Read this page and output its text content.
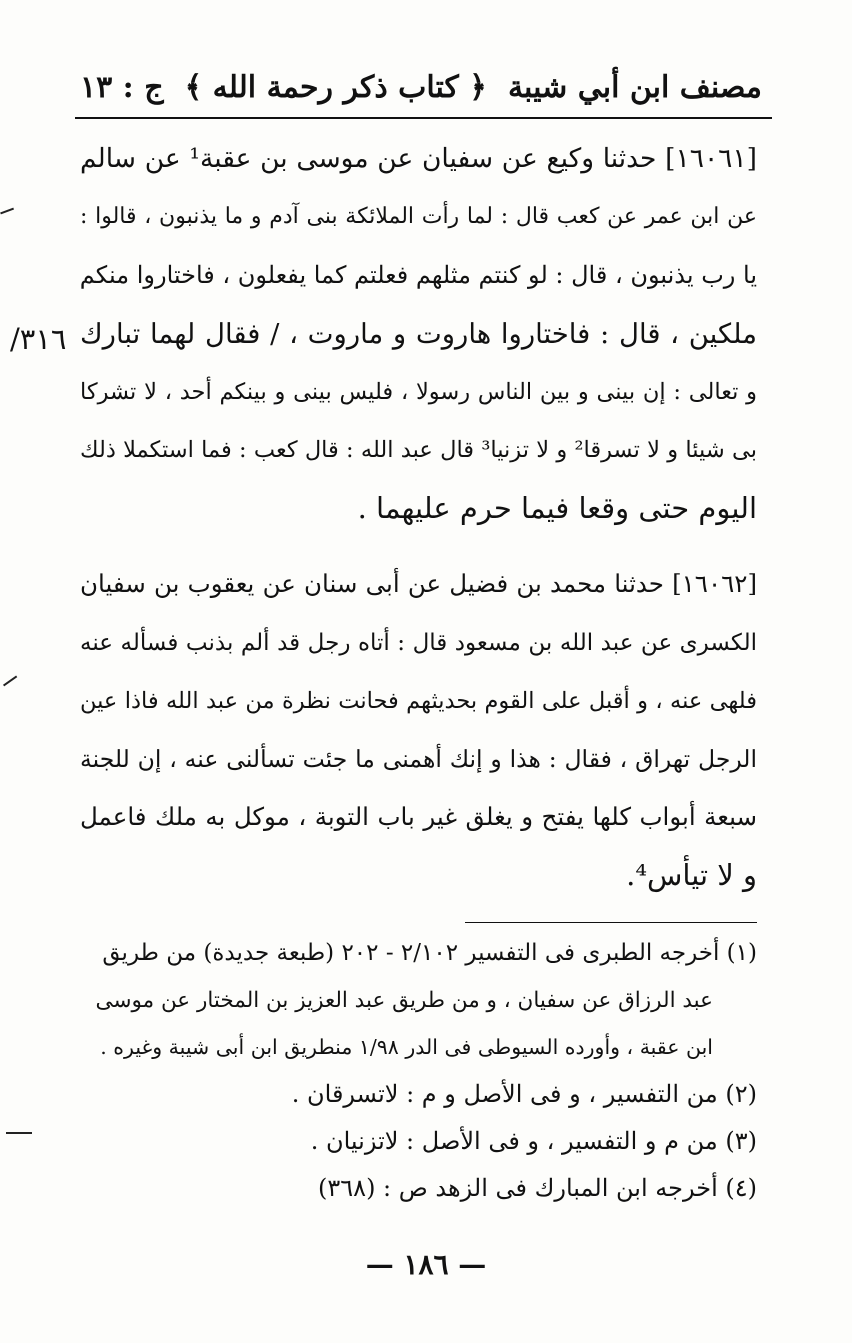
مصنف ابن أبي شيبة
﴿ كتاب ذكر رحمة الله ﴾
ج : ١٣
[١٦٠٦١] حدثنا وكيع عن سفيان عن موسى بن عقبة¹ عن سالم
عن ابن عمر عن كعب قال : لما رأت الملائكة بنى آدم و ما يذنبون ، قالوا :
يا رب يذنبون ، قال : لو كنتم مثلهم فعلتم كما يفعلون ، فاختاروا منكم
ملكين ، قال : فاختاروا هاروت و ماروت ، / فقال لهما تبارك
و تعالى : إن بينى و بين الناس رسولا ، فليس بينى و بينكم أحد ، لا تشركا
بى شيئا و لا تسرقا² و لا تزنيا³ قال عبد الله : قال كعب : فما استكملا ذلك
اليوم حتى وقعا فيما حرم عليهما .
[١٦٠٦٢] حدثنا محمد بن فضيل عن أبى سنان عن يعقوب بن سفيان
الكسرى عن عبد الله بن مسعود قال : أتاه رجل قد ألم بذنب فسأله عنه
فلهى عنه ، و أقبل على القوم بحديثهم فحانت نظرة من عبد الله فاذا عين
الرجل تهراق ، فقال : هذا و إنك أهمنى ما جئت تسألنى عنه ، إن للجنة
سبعة أبواب كلها يفتح و يغلق غير باب التوبة ، موكل به ملك فاعمل
و لا تيأس⁴.
٣١٦/
(١) أخرجه الطبرى فى التفسير ٢/١٠٢ - ٢٠٢ (طبعة جديدة) من طريق
عبد الرزاق عن سفيان ، و من طريق عبد العزيز بن المختار عن موسى
ابن عقبة ، وأورده السيوطى فى الدر ١/٩٨ منطريق ابن أبى شيبة وغيره .
(٢) من التفسير ، و فى الأصل و م : لاتسرقان .
(٣) من م و التفسير ، و فى الأصل : لاتزنيان .
(٤) أخرجه ابن المبارك فى الزهد ص : (٣٦٨)
— ١٨٦ —
